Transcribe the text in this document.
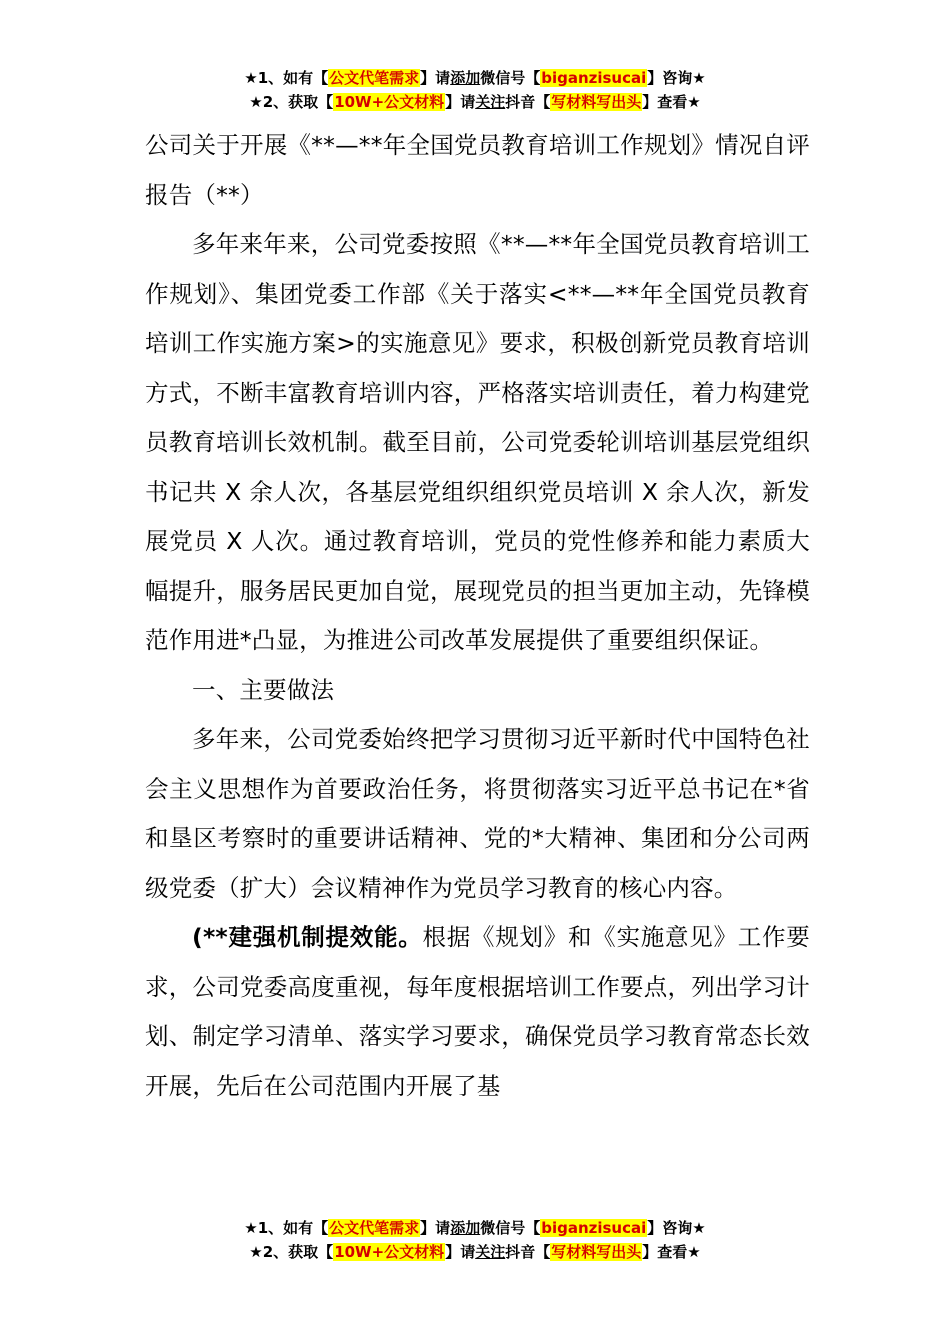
★1、如有【公文代笔需求】请添加微信号【biganzisucai】咨询★
★2、获取【10W+公文材料】请关注抖音【写材料写出头】查看★

公司关于开展《**—**年全国党员教育培训工作规划》情况自评报告（**）

多年来年来，公司党委按照《**—**年全国党员教育培训工作规划》、集团党委工作部《关于落实<**—**年全国党员教育培训工作实施方案>的实施意见》要求，积极创新党员教育培训方式，不断丰富教育培训内容，严格落实培训责任，着力构建党员教育培训长效机制。截至目前，公司党委轮训培训基层党组织书记共 X 余人次，各基层党组织组织党员培训 X 余人次，新发展党员 X 人次。通过教育培训，党员的党性修养和能力素质大幅提升，服务居民更加自觉，展现党员的担当更加主动，先锋模范作用进*凸显，为推进公司改革发展提供了重要组织保证。

一、主要做法

多年来，公司党委始终把学习贯彻习近平新时代中国特色社会主义思想作为首要政治任务，将贯彻落实习近平总书记在*省和垦区考察时的重要讲话精神、党的*大精神、集团和分公司两级党委（扩大）会议精神作为党员学习教育的核心内容。

(**建强机制提效能。根据《规划》和《实施意见》工作要求，公司党委高度重视，每年度根据培训工作要点，列出学习计划、制定学习清单、落实学习要求，确保党员学习教育常态长效开展，先后在公司范围内开展了基

★1、如有【公文代笔需求】请添加微信号【biganzisucai】咨询★
★2、获取【10W+公文材料】请关注抖音【写材料写出头】查看★
